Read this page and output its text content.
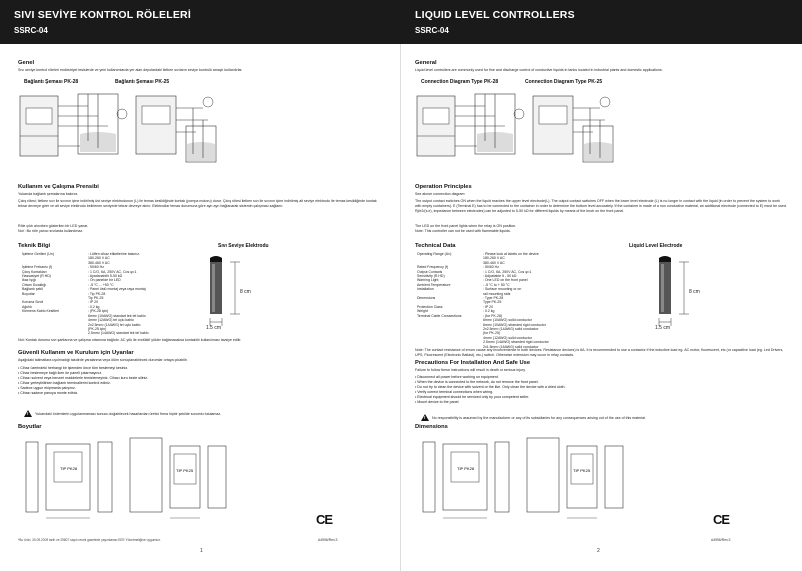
SIVI SEVİYE KONTROL RÖLELERİ
SSRC-04
Genel
Sıvı seviye kontrol röleleri endüstriyel tesislerde ve yeni kullanımlarda yer alan depolardaki iletken sıvıların seviye kontrolü amaçlı kullanılırlar.
Bağlantı Şeması PK-28	Bağlantı Şeması PK-25
Kullanım ve Çalışma Prensibi
Yukarıda bağlantı şemalarına bakınız.
Çıkış rölesi; iletken sıvı ile sıvının içine indirilmiş üst seviye elektrodunun (L) ile temas kesildiğinde kontak (pompa motoru) durur. Çıkış rölesi iletken sıvı ile sıvının içine indirilmiş alt seviye elektrodu ile temas kesildiğinde kontak tekrar devreye girer ve alt seviye elektrodu belirlenen seviyede tekrar devreye alınır. Elektrodlar temas durumuna göre ayrı ayrı bağlanarak sistemin çalışması sağlanır.
Röle çıktı alınırken gösterilen bir LED yanar.
Not : Bu röle yanıcı sıvılarda kullanılmaz.
Teknik Bilgi
İşletme Gerilimi (Un)	: Lütfen cihaz etiketlerine bakınız.
180-260 V AC
380-460 V AC
İşletme Frekansı (f)	: 50/60 Hz
Çıkış Kontakları	: 1 C/O, 6A, 250V AC, Cos φ=1
Hassasiyet (R.HD)	: Ayarlanabilir 5-50 kΩ
İkaz Işığı	: Ön panelde bir LED
Ortam Sıcaklığı	: -5 °C ... +50 °C
Bağlantı şekli	: Panel üstü montaj veya raya montaj
Boyutlar	: Tip PK-28
Tip PK-25
Koruma Sınıfı	: IP 20
Ağırlık	: 0.2 kg
Klemens Kablo Kesitleri	: (PK-28 için)
6mm² (10AWG) standart tek tel kablo
4mm² (12AWG) tel uçlu kablo
2x2.5mm² (14AWG) tel uçlu kablo
(PK-25 için)
2.5mm² (14AWG) standart tek tel kablo
Sıvı Seviye Elektrodu
8 cm
1.5 cm
Not: Kontak durumu sıvı şartlarına ve çalışma ortamına bağlıdır. AC yük ile endüktif yükler bağlanacaksa kontaktör kullanılması tavsiye edilir.
Güvenli Kullanım ve Kurulum için Uyarılar
Aşağıdaki talimatlara uyulmadığı takdirde yaralanma veya ölüm sonuçlanabilecek durumlar ortaya çıkabilir.
• Cihaz üzerindeki herhangi bir işlemden önce tüm beslemeyi kesiniz.
• Cihaz beslemeye bağlı iken ön paneli çıkarmayınız.
• Cihazı solvent veya benzeri maddelerle temizlemeyiniz. Cihazı kuru bezle siliniz.
• Cihaz yerleştirilirken bağlantı terminallerini kontrol ediniz.
• Sadece uygun ekipmanla çalışınız.
• Cihazı sadece panoya monte ediniz.
! Yukarıdaki önlemlerin uygulanmaması sonucu doğabilecek hasarlardan üretici firma hiçbir şekilde sorumlu tutulamaz.
Boyutlar
TIP PK28	TIP PK25
*Bu ürün, 30.09.2009 tarih ve 29807 sayılı resmi gazetede yayımlanan EEE Yönetmeliğine uygundur.
CE
A4996/Rev.3
1
LIQUID LEVEL CONTROLLERS
SSRC-04
General
Liquid level controllers are commonly used for fine and discharge control of conductive liquids in tanks located in industrial plants and domestic applications.
Connection Diagram Type PK-28	Connection Diagram Type PK-25
Operation Principles
See above connection diagram
The output contact switches ON when the liquid reaches the upper level electrode(L). The output contact switches OFF when the lower level electrode (L) is no longer in contact with the liquid (in order to prevent the system to work with empty containers). E (Terminal E) has to be connected to the container in order to determine the bottom level accurately. If the container is made of a non conductive material, an additional electrode (connected to E) must be used. Rj/e2/(s.e), impedance between electrodes) can be adjusted to 5-50 kΩ for different liquids by means of the knob on the front panel.
The LED on the front panel lights when the relay is ON position.
Note: This controller can not be used with flammable liquids.
Technical Data
Operating Range (Un)	: Please look at labels on the device
180-260 V AC
380-460 V AC
Rated Frequency (f)	: 50/60 Hz
Output Contacts	: 1 C/O, 6A, 250V AC, Cos φ=1
Sensitivity (R.HD)	: Adjustable 5 - 50 kΩ
Warning Light	: One LED on the front panel
Ambient Temperature	: -5 °C to + 50 °C
Installation	: Surface mounting or on
rail mounting rails
Dimensions	: Type PK-28
Type PK-25
Protection Class	: IP 20
Weight	: 0.2 kg
Terminal Cable Crossections	: (for PK-28)
6mm² (10AWG) solid conductor
6mm² (10AWG) stranded rigid conductor
2x2.5mm² (14AWG) solid conductor
(for PK-25)
4mm² (12AWG) solid conductor
2.5mm² (14AWG) stranded rigid conductor
2x1.5mm² (16AWG) solid conductor
Liquid Level Electrode
8 cm
1.5 cm
Note: The contact resistance of errors cause any inconvenience in both devices. Resistance devices) is 6A. It is recommended to use a contactor if the inductive load eg. AC motor, fluorescent, etc (or capacitive load (eg. Led Drivers, UPS, Fluorescent (Electronic Ballast), etc.) switch. Otherwise extension may occur in relay contacts.
Precautions For Installation And Safe Use
Failure to follow these instructions will result in death or serious injury.
• Disconnect all power before working on equipment.
• When the device is connected to the network, do not remove the front panel.
• Do not try to clean the device with solvent or the like. Only clean the device with a dried cloth.
• Verify correct terminal connections when wiring.
• Electrical equipment should be serviced only by your competent seller.
• Mount device to the panel.
! No responsibility is assumed by the manufacturer or any of its subsidiaries for any consequences arising out of the use of this material.
Dimensions
TIP PK28	TIP PK25
CE
A4996/Rev.3
2
